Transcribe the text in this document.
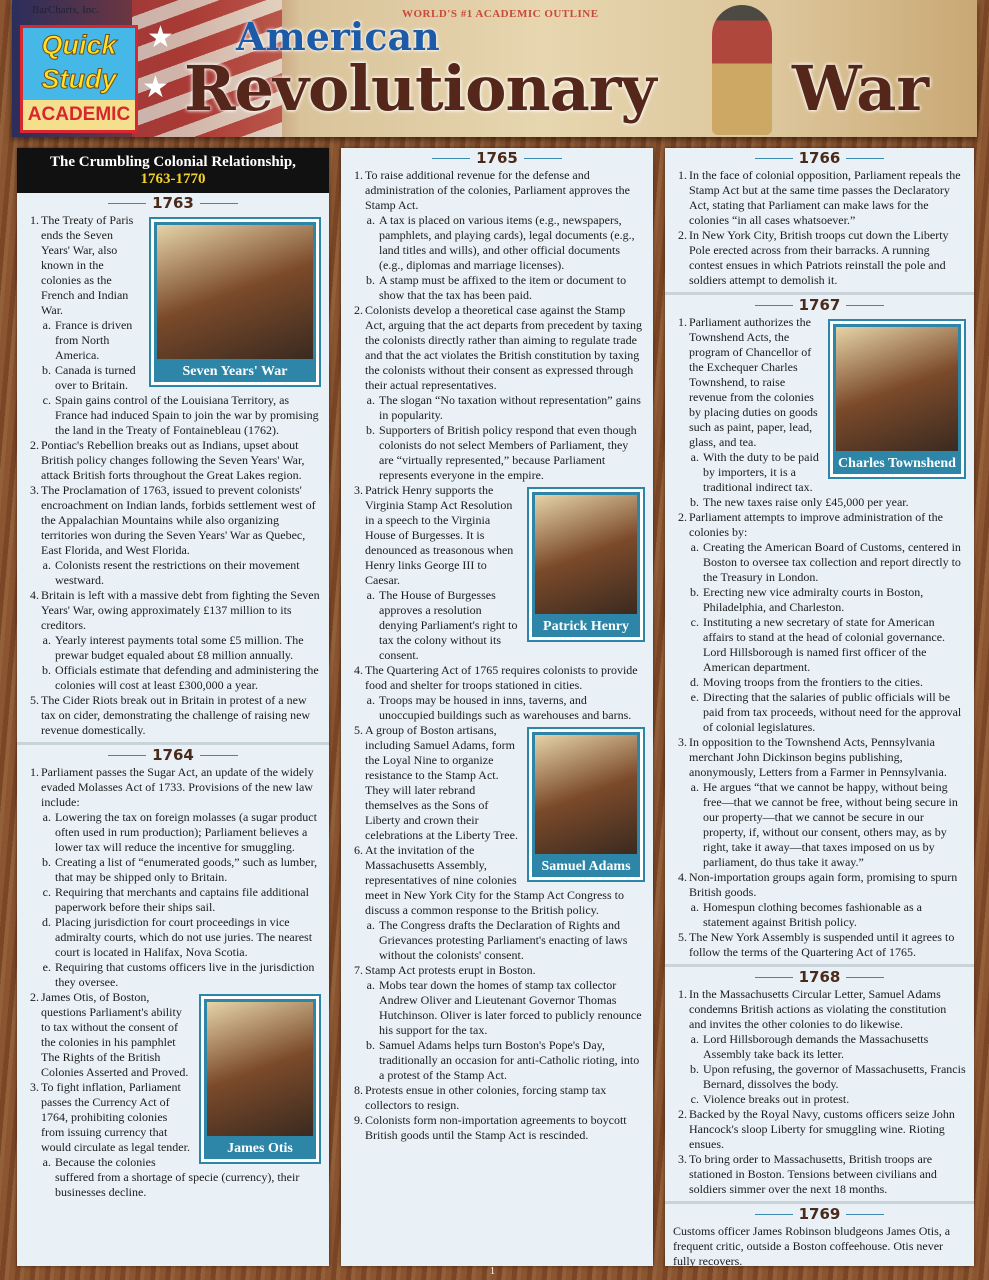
★
★
BarCharts, Inc.
Quick Study
ACADEMIC
WORLD'S #1 ACADEMIC OUTLINE
American
Revolutionary War
The Crumbling Colonial Relationship,
1763-1770
1763
Seven Years' War
1. The Treaty of Paris ends the Seven Years' War, also known in the colonies as the French and Indian War.
a. France is driven from North America.
b. Canada is turned over to Britain.
c. Spain gains control of the Louisiana Territory, as France had induced Spain to join the war by promising the land in the Treaty of Fontainebleau (1762).
2. Pontiac's Rebellion breaks out as Indians, upset about British policy changes following the Seven Years' War, attack British forts throughout the Great Lakes region.
3. The Proclamation of 1763, issued to prevent colonists' encroachment on Indian lands, forbids settlement west of the Appalachian Mountains while also organizing territories won during the Seven Years' War as Quebec, East Florida, and West Florida.
a. Colonists resent the restrictions on their movement westward.
4. Britain is left with a massive debt from fighting the Seven Years' War, owing approximately £137 million to its creditors.
a. Yearly interest payments total some £5 million. The prewar budget equaled about £8 million annually.
b. Officials estimate that defending and administering the colonies will cost at least £300,000 a year.
5. The Cider Riots break out in Britain in protest of a new tax on cider, demonstrating the challenge of raising new revenue domestically.
1764
1. Parliament passes the Sugar Act, an update of the widely evaded Molasses Act of 1733. Provisions of the new law include:
a. Lowering the tax on foreign molasses (a sugar product often used in rum production); Parliament believes a lower tax will reduce the incentive for smuggling.
b. Creating a list of “enumerated goods,” such as lumber, that may be shipped only to Britain.
c. Requiring that merchants and captains file additional paperwork before their ships sail.
d. Placing jurisdiction for court proceedings in vice admiralty courts, which do not use juries. The nearest court is located in Halifax, Nova Scotia.
e. Requiring that customs officers live in the jurisdiction they oversee.
James Otis
2. James Otis, of Boston, questions Parliament's ability to tax without the consent of the colonies in his pamphlet The Rights of the British Colonies Asserted and Proved.
3. To fight inflation, Parliament passes the Currency Act of 1764, prohibiting colonies from issuing currency that would circulate as legal tender.
a. Because the colonies suffered from a shortage of specie (currency), their businesses decline.
1765
1. To raise additional revenue for the defense and administration of the colonies, Parliament approves the Stamp Act.
a. A tax is placed on various items (e.g., newspapers, pamphlets, and playing cards), legal documents (e.g., land titles and wills), and other official documents (e.g., diplomas and marriage licenses).
b. A stamp must be affixed to the item or document to show that the tax has been paid.
2. Colonists develop a theoretical case against the Stamp Act, arguing that the act departs from precedent by taxing the colonists directly rather than aiming to regulate trade and that the act violates the British constitution by taxing the colonists without their consent as expressed through their actual representatives.
a. The slogan “No taxation without representation” gains in popularity.
b. Supporters of British policy respond that even though colonists do not select Members of Parliament, they are “virtually represented,” because Parliament represents everyone in the empire.
Patrick Henry
3. Patrick Henry supports the Virginia Stamp Act Resolution in a speech to the Virginia House of Burgesses. It is denounced as treasonous when Henry links George III to Caesar.
a. The House of Burgesses approves a resolution denying Parliament's right to tax the colony without its consent.
4. The Quartering Act of 1765 requires colonists to provide food and shelter for troops stationed in cities.
a. Troops may be housed in inns, taverns, and unoccupied buildings such as warehouses and barns.
Samuel Adams
5. A group of Boston artisans, including Samuel Adams, form the Loyal Nine to organize resistance to the Stamp Act. They will later rebrand themselves as the Sons of Liberty and crown their celebrations at the Liberty Tree.
6. At the invitation of the Massachusetts Assembly, representatives of nine colonies meet in New York City for the Stamp Act Congress to discuss a common response to the British policy.
a. The Congress drafts the Declaration of Rights and Grievances protesting Parliament's enacting of laws without the colonists' consent.
7. Stamp Act protests erupt in Boston.
a. Mobs tear down the homes of stamp tax collector Andrew Oliver and Lieutenant Governor Thomas Hutchinson. Oliver is later forced to publicly renounce his support for the tax.
b. Samuel Adams helps turn Boston's Pope's Day, traditionally an occasion for anti-Catholic rioting, into a protest of the Stamp Act.
8. Protests ensue in other colonies, forcing stamp tax collectors to resign.
9. Colonists form non-importation agreements to boycott British goods until the Stamp Act is rescinded.
1766
1. In the face of colonial opposition, Parliament repeals the Stamp Act but at the same time passes the Declaratory Act, stating that Parliament can make laws for the colonies “in all cases whatsoever.”
2. In New York City, British troops cut down the Liberty Pole erected across from their barracks. A running contest ensues in which Patriots reinstall the pole and soldiers attempt to demolish it.
1767
Charles Townshend
1. Parliament authorizes the Townshend Acts, the program of Chancellor of the Exchequer Charles Townshend, to raise revenue from the colonies by placing duties on goods such as paint, paper, lead, glass, and tea.
a. With the duty to be paid by importers, it is a traditional indirect tax.
b. The new taxes raise only £45,000 per year.
2. Parliament attempts to improve administration of the colonies by:
a. Creating the American Board of Customs, centered in Boston to oversee tax collection and report directly to the Treasury in London.
b. Erecting new vice admiralty courts in Boston, Philadelphia, and Charleston.
c. Instituting a new secretary of state for American affairs to stand at the head of colonial governance. Lord Hillsborough is named first officer of the American department.
d. Moving troops from the frontiers to the cities.
e. Directing that the salaries of public officials will be paid from tax proceeds, without need for the approval of colonial legislatures.
3. In opposition to the Townshend Acts, Pennsylvania merchant John Dickinson begins publishing, anonymously, Letters from a Farmer in Pennsylvania.
a. He argues “that we cannot be happy, without being free—that we cannot be free, without being secure in our property—that we cannot be secure in our property, if, without our consent, others may, as by right, take it away—that taxes imposed on us by parliament, do thus take it away.”
4. Non-importation groups again form, promising to spurn British goods.
a. Homespun clothing becomes fashionable as a statement against British policy.
5. The New York Assembly is suspended until it agrees to follow the terms of the Quartering Act of 1765.
1768
1. In the Massachusetts Circular Letter, Samuel Adams condemns British actions as violating the constitution and invites the other colonies to do likewise.
a. Lord Hillsborough demands the Massachusetts Assembly take back its letter.
b. Upon refusing, the governor of Massachusetts, Francis Bernard, dissolves the body.
c. Violence breaks out in protest.
2. Backed by the Royal Navy, customs officers seize John Hancock's sloop Liberty for smuggling wine. Rioting ensues.
3. To bring order to Massachusetts, British troops are stationed in Boston. Tensions between civilians and soldiers simmer over the next 18 months.
1769
Customs officer James Robinson bludgeons James Otis, a frequent critic, outside a Boston coffeehouse. Otis never fully recovers.
1
